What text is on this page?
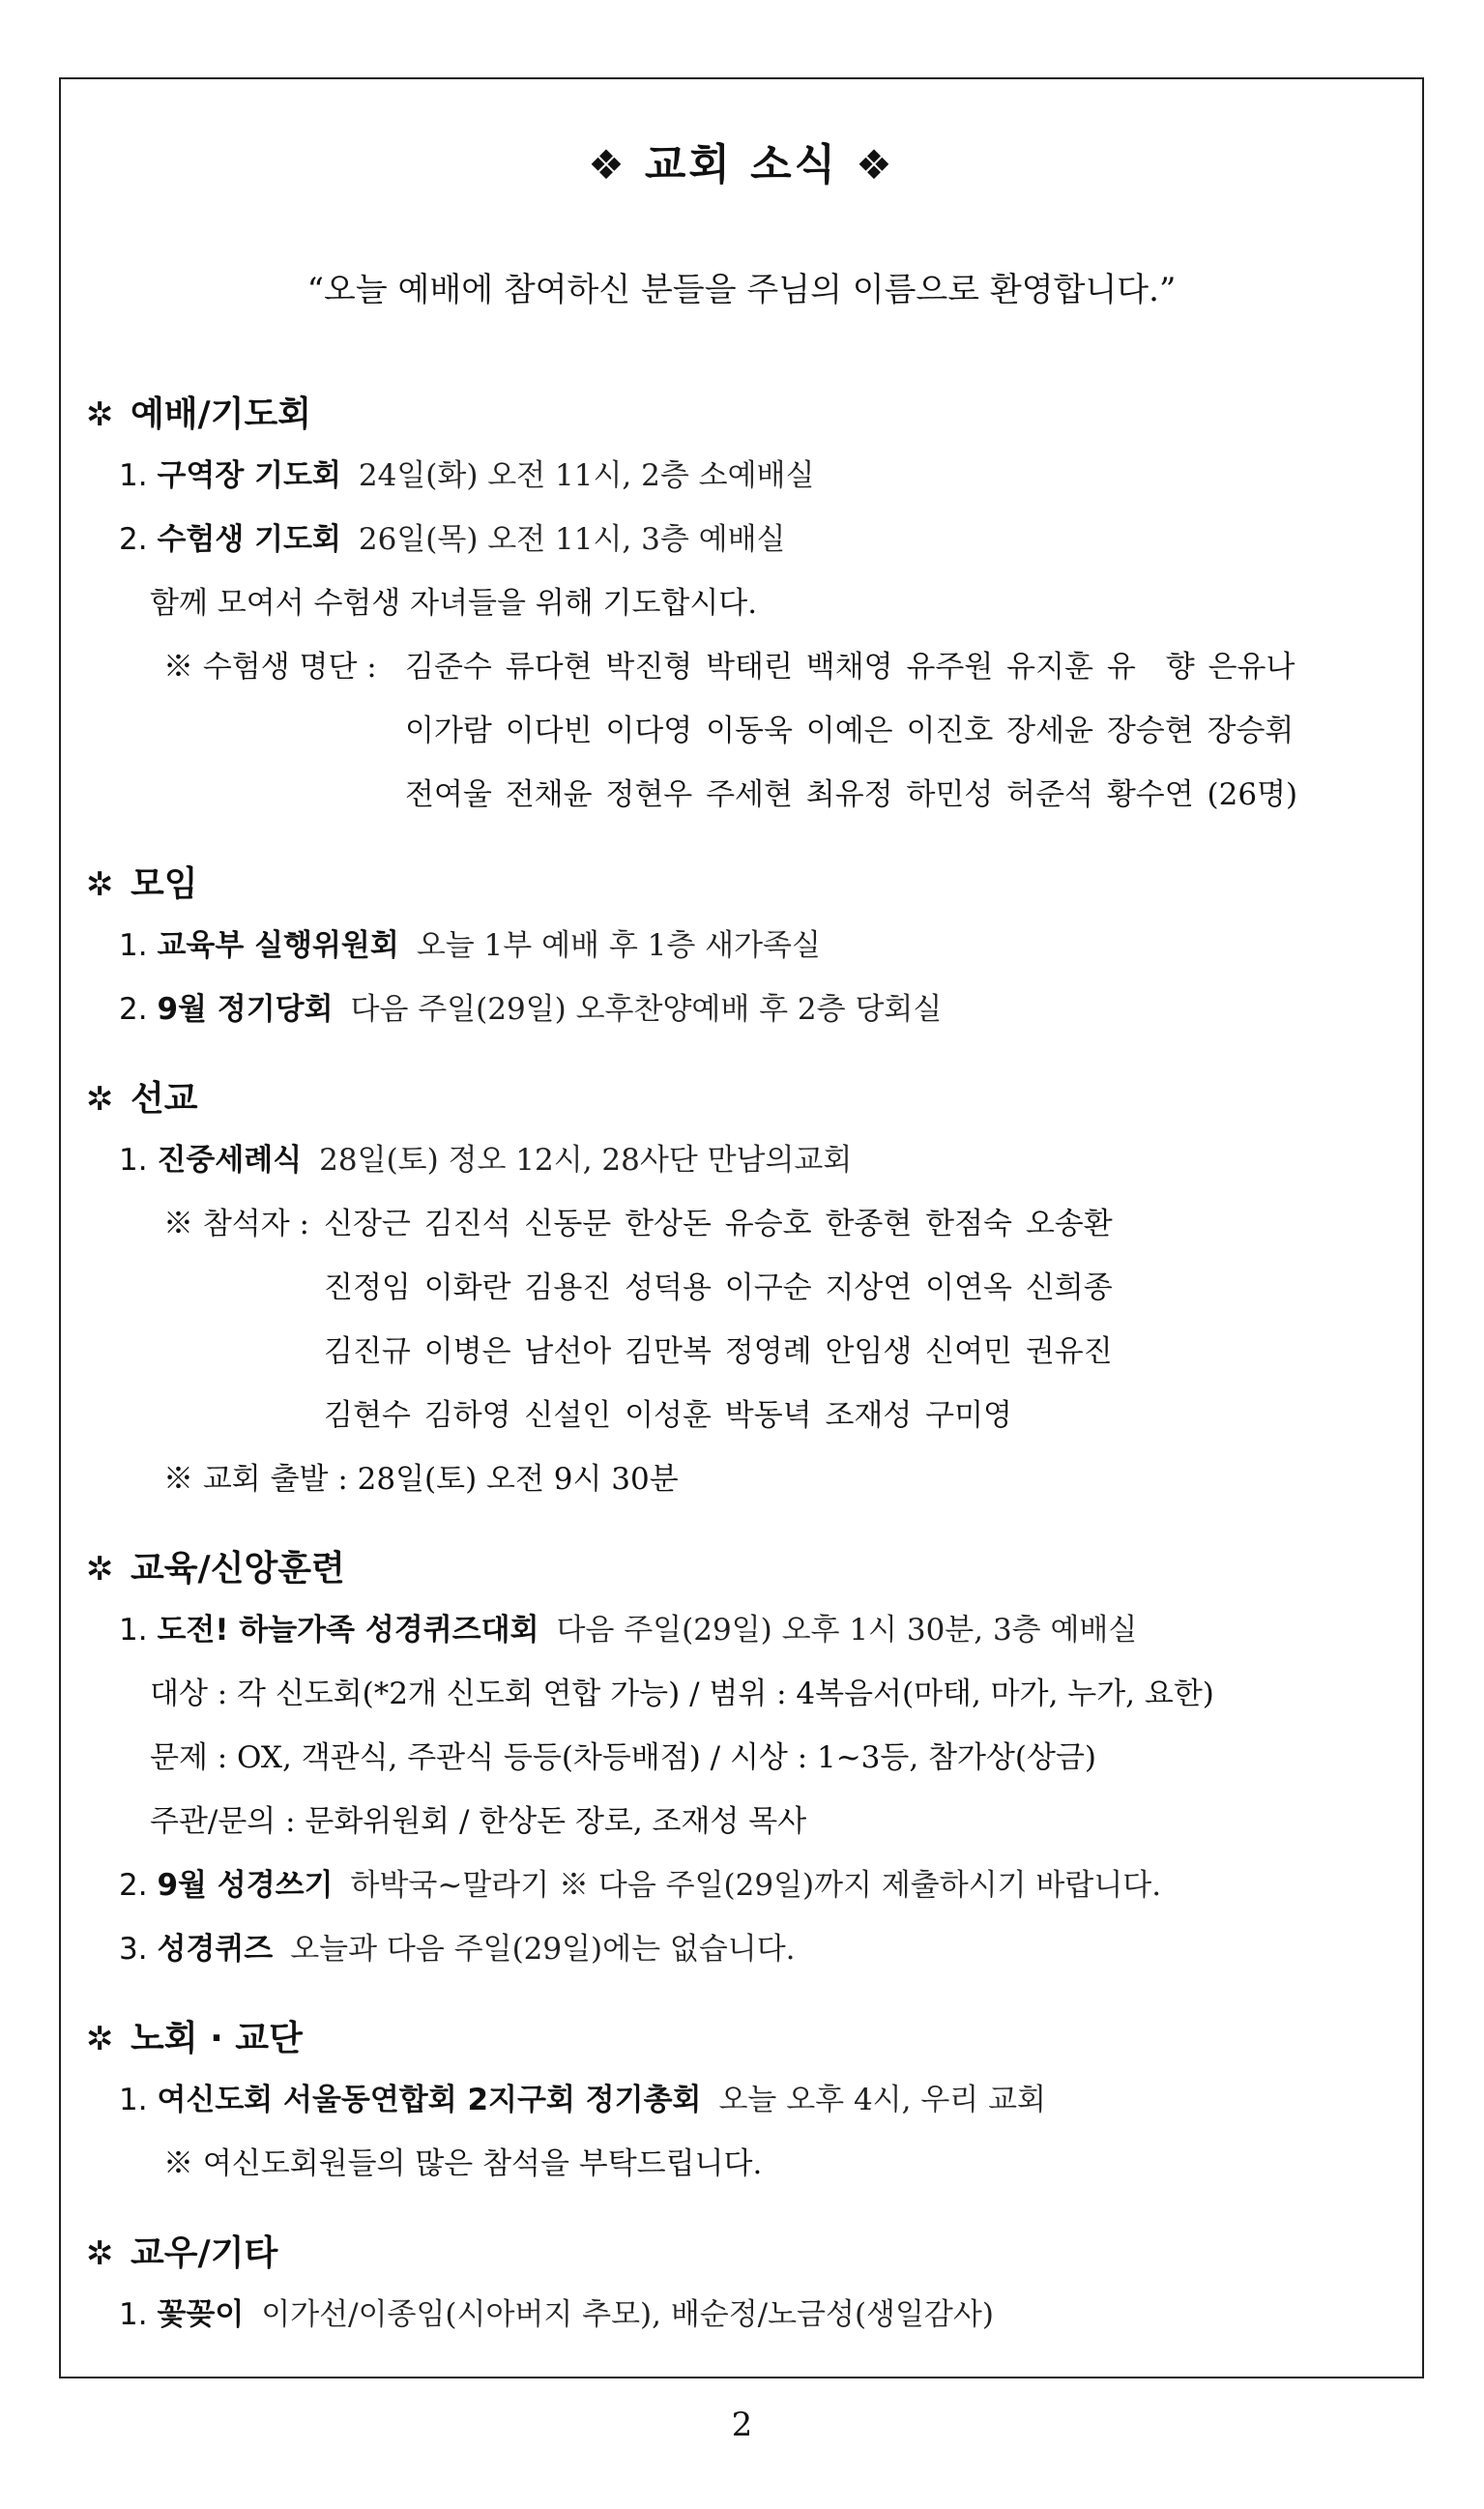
❖ 교회 소식 ❖
“오늘 예배에 참여하신 분들을 주님의 이름으로 환영합니다.”
✲ 예배/기도회
1. 구역장 기도회 24일(화) 오전 11시, 2층 소예배실
2. 수험생 기도회 26일(목) 오전 11시, 3층 예배실
함께 모여서 수험생 자녀들을 위해 기도합시다.
※ 수험생 명단 : 김준수 류다현 박진형 박태린 백채영 유주원 유지훈 유　향 은유나
이가람 이다빈 이다영 이동욱 이예은 이진호 장세윤 장승현 장승휘
전여울 전채윤 정현우 주세현 최유정 하민성 허준석 황수연 (26명)
✲ 모임
1. 교육부 실행위원회 오늘 1부 예배 후 1층 새가족실
2. 9월 정기당회 다음 주일(29일) 오후찬양예배 후 2층 당회실
✲ 선교
1. 진중세례식 28일(토) 정오 12시, 28사단 만남의교회
※ 참석자 : 신장근 김진석 신동문 한상돈 유승호 한종현 한점숙 오송환
진정임 이화란 김용진 성덕용 이구순 지상연 이연옥 신희종
김진규 이병은 남선아 김만복 정영례 안임생 신여민 권유진
김현수 김하영 신설인 이성훈 박동녁 조재성 구미영
※ 교회 출발 : 28일(토) 오전 9시 30분
✲ 교육/신앙훈련
1. 도전! 하늘가족 성경퀴즈대회 다음 주일(29일) 오후 1시 30분, 3층 예배실
대상 : 각 신도회(*2개 신도회 연합 가능) / 범위 : 4복음서(마태, 마가, 누가, 요한)
문제 : OX, 객관식, 주관식 등등(차등배점) / 시상 : 1~3등, 참가상(상금)
주관/문의 : 문화위원회 / 한상돈 장로, 조재성 목사
2. 9월 성경쓰기 하박국~말라기 ※ 다음 주일(29일)까지 제출하시기 바랍니다.
3. 성경퀴즈 오늘과 다음 주일(29일)에는 없습니다.
✲ 노회 · 교단
1. 여신도회 서울동연합회 2지구회 정기총회 오늘 오후 4시, 우리 교회
※ 여신도회원들의 많은 참석을 부탁드립니다.
✲ 교우/기타
1. 꽃꽂이 이가선/이종임(시아버지 추모), 배순정/노금성(생일감사)
2
